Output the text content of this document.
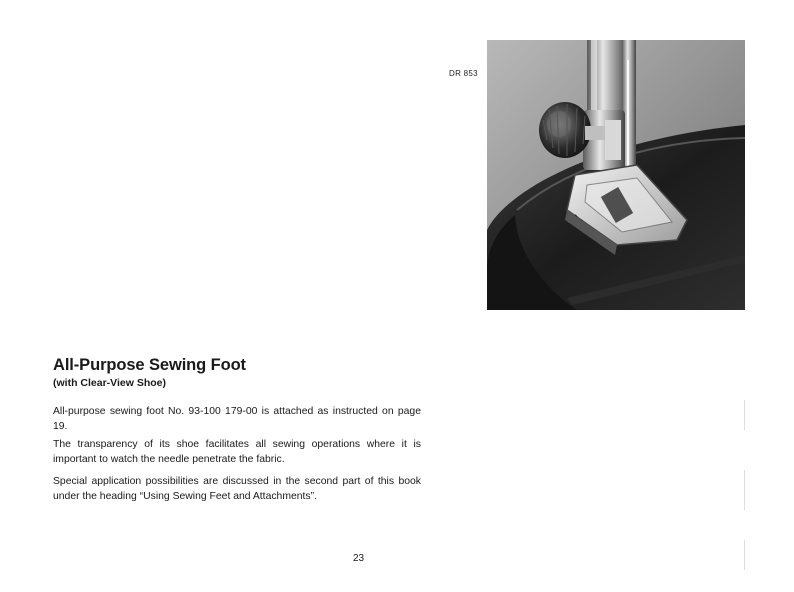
DR 853
All-Purpose Sewing Foot
(with Clear-View Shoe)

All-purpose sewing foot No. 93-100 179-00 is attached as instructed on page 19.

The transparency of its shoe facilitates all sewing operations where it is important to watch the needle penetrate the fabric.

Special application possibilities are discussed in the second part of this book under the heading “Using Sewing Feet and Attachments”.

23
